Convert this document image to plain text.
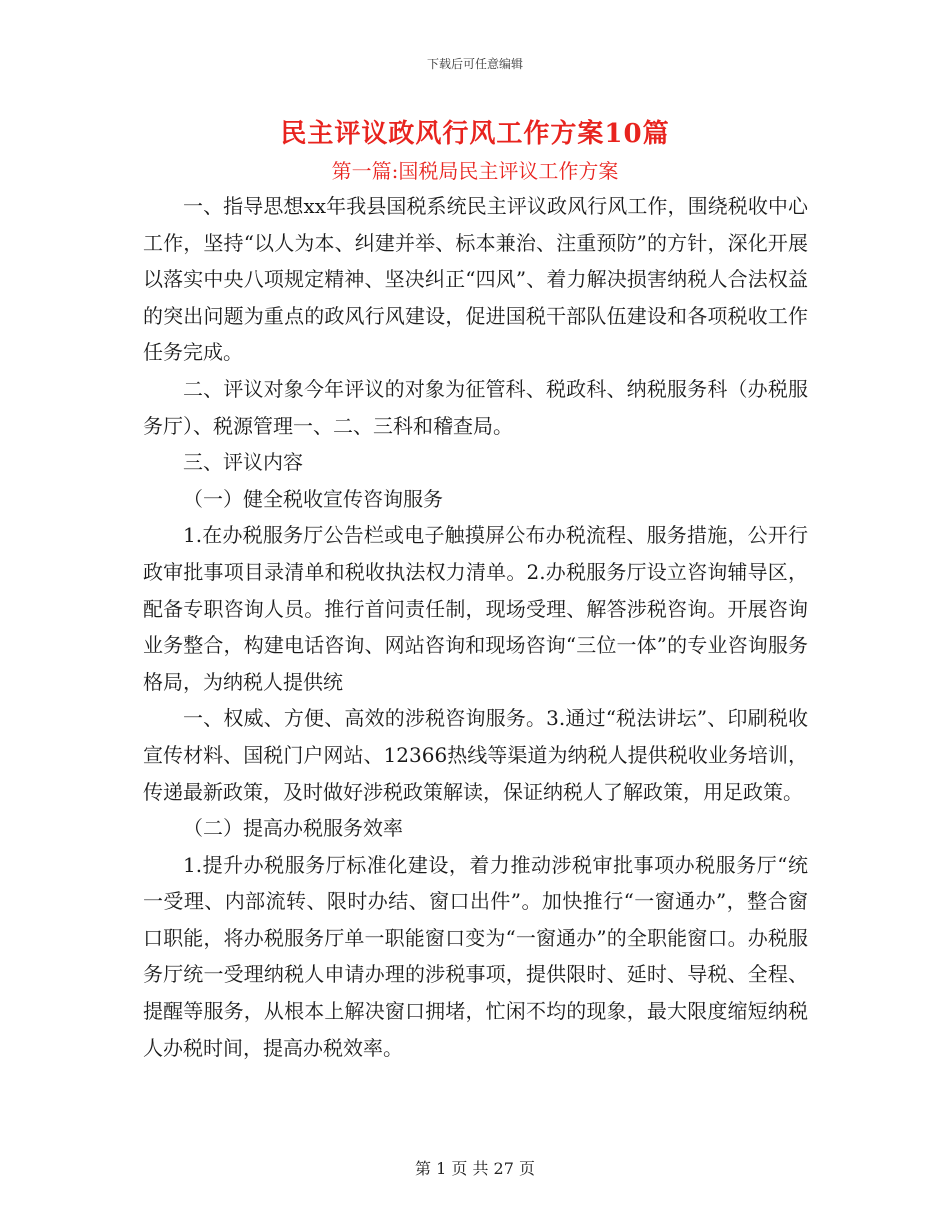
下载后可任意编辑
民主评议政风行风工作方案10篇
第一篇:国税局民主评议工作方案

一、指导思想xx年我县国税系统民主评议政风行风工作，围绕税收中心工作，坚持“以人为本、纠建并举、标本兼治、注重预防”的方针，深化开展以落实中央八项规定精神、坚决纠正“四风”、着力解决损害纳税人合法权益的突出问题为重点的政风行风建设，促进国税干部队伍建设和各项税收工作任务完成。

二、评议对象今年评议的对象为征管科、税政科、纳税服务科（办税服务厅）、税源管理一、二、三科和稽查局。

三、评议内容

（一）健全税收宣传咨询服务

1.在办税服务厅公告栏或电子触摸屏公布办税流程、服务措施，公开行政审批事项目录清单和税收执法权力清单。2.办税服务厅设立咨询辅导区，配备专职咨询人员。推行首问责任制，现场受理、解答涉税咨询。开展咨询业务整合，构建电话咨询、网站咨询和现场咨询“三位一体”的专业咨询服务格局，为纳税人提供统

一、权威、方便、高效的涉税咨询服务。3.通过“税法讲坛”、印刷税收宣传材料、国税门户网站、12366热线等渠道为纳税人提供税收业务培训，传递最新政策，及时做好涉税政策解读，保证纳税人了解政策，用足政策。

（二）提高办税服务效率

1.提升办税服务厅标准化建设，着力推动涉税审批事项办税服务厅“统一受理、内部流转、限时办结、窗口出件”。加快推行“一窗通办”，整合窗口职能，将办税服务厅单一职能窗口变为“一窗通办”的全职能窗口。办税服务厅统一受理纳税人申请办理的涉税事项，提供限时、延时、导税、全程、提醒等服务，从根本上解决窗口拥堵，忙闲不均的现象，最大限度缩短纳税人办税时间，提高办税效率。

第 1 页 共 27 页
